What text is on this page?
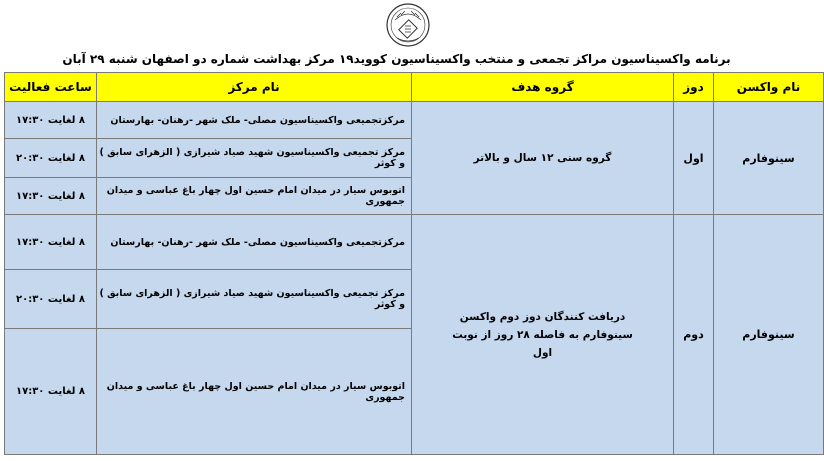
برنامه واکسیناسیون مراکز تجمعی و منتخب واکسیناسیون کووید۱۹ مرکز بهداشت شماره دو اصفهان شنبه ۲۹ آبان
نام واکسن	دوز	گروه هدف	نام مرکز	ساعت فعالیت
سینوفارم	اول	گروه سنی ۱۲ سال و بالاتر	مرکزتجمیعی واکسیناسیون مصلی- ملک شهر -رهنان- بهارستان	۸ لغایت ۱۷:۳۰
			مرکز تجمیعی واکسیناسیون شهید صیاد شیرازی ( الزهرای سابق ) و کوثر	۸ لغایت ۲۰:۳۰
			اتوبوس سیار در میدان امام حسین اول چهار باغ عباسی و میدان جمهوری	۸ لغایت ۱۷:۳۰
سینوفارم	دوم	دریافت کنندگان دوز دوم واکسن سینوفارم به فاصله ۲۸ روز از نوبت اول	مرکزتجمیعی واکسیناسیون مصلی- ملک شهر -رهنان- بهارستان	۸ لغایت ۱۷:۳۰
			مرکز تجمیعی واکسیناسیون شهید صیاد شیرازی ( الزهرای سابق ) و کوثر	۸ لغایت ۲۰:۳۰
			اتوبوس سیار در میدان امام حسین اول چهار باغ عباسی و میدان جمهوری	۸ لغایت ۱۷:۳۰
